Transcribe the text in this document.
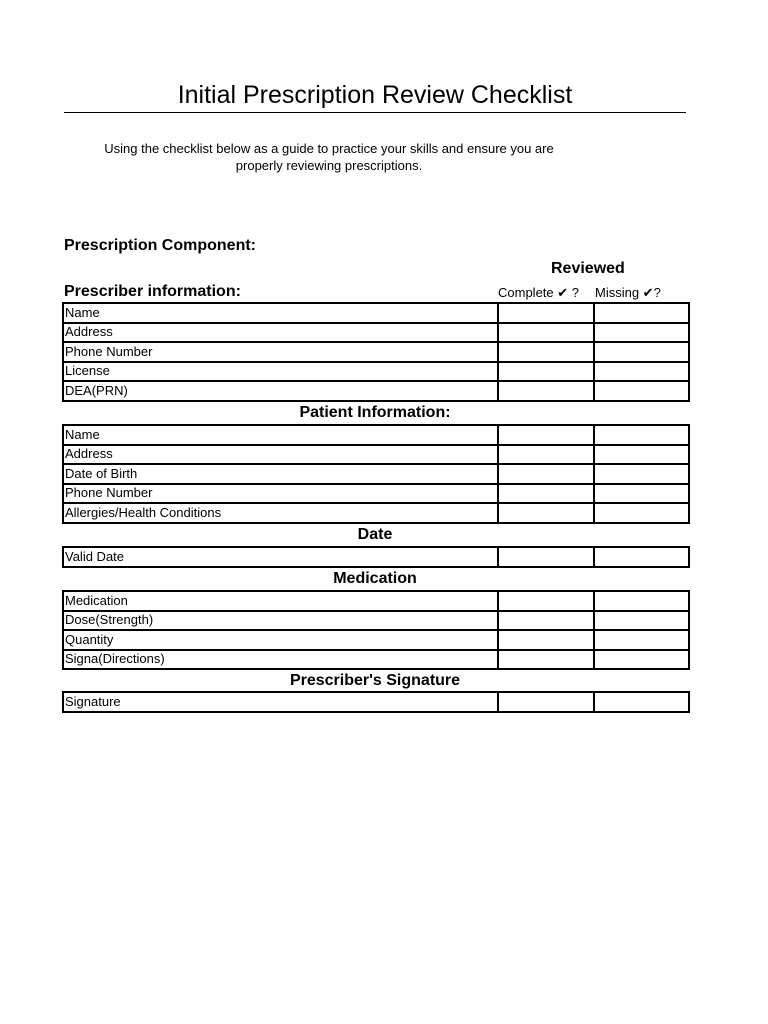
Initial Prescription Review Checklist
Using the checklist below as a guide to practice your skills and ensure you are
properly reviewing prescriptions.
Prescription Component:
Reviewed
Prescriber information:	Complete ✔ ? Missing ✔?
Name		
Address		
Phone Number		
License		
DEA(PRN)		
Patient Information:
Name		
Address		
Date of Birth		
Phone Number		
Allergies/Health Conditions		
Date
Valid Date		
Medication
Medication		
Dose(Strength)		
Quantity		
Signa(Directions)		
Prescriber's Signature
Signature		
